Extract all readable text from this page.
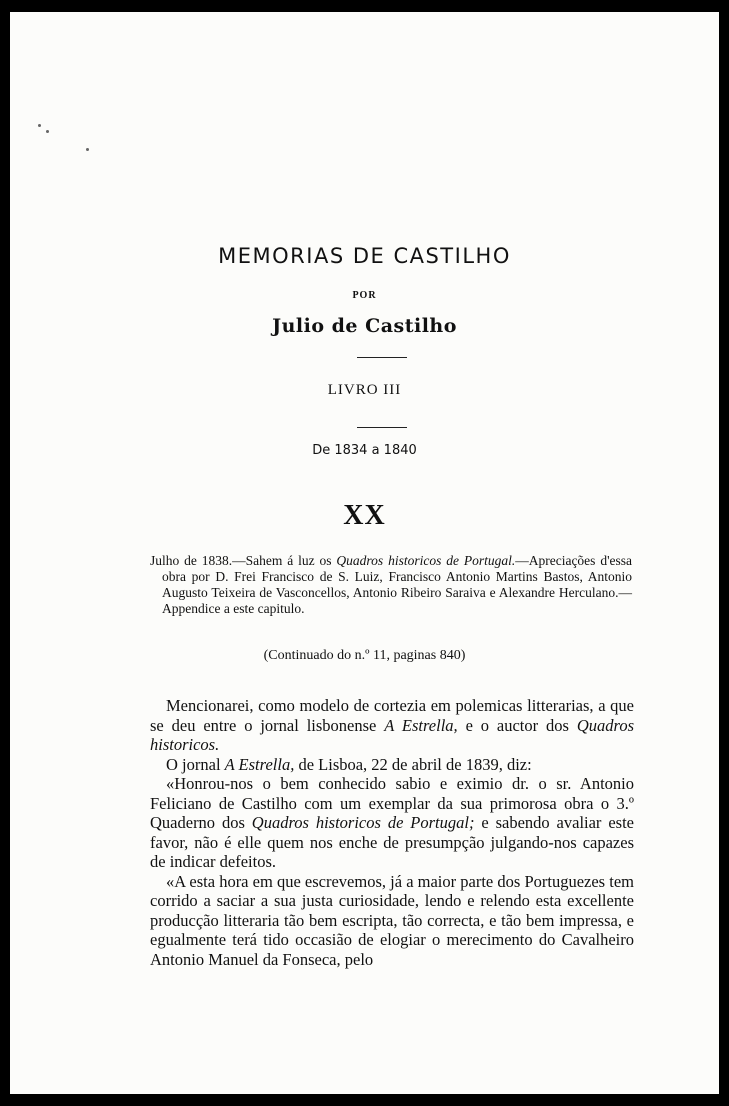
MEMORIAS DE CASTILHO
POR
Julio de Castilho
LIVRO III
De 1834 a 1840
XX

Julho de 1838.—Sahem á luz os Quadros historicos de Portugal.—Apreciações d'essa obra por D. Frei Francisco de S. Luiz, Francisco Antonio Martins Bastos, Antonio Augusto Teixeira de Vasconcellos, Antonio Ribeiro Saraiva e Alexandre Herculano.—Appendice a este capitulo.

(Continuado do n.º 11, paginas 840)

Mencionarei, como modelo de cortezia em polemicas litterarias, a que se deu entre o jornal lisbonense A Estrella, e o auctor dos Quadros historicos.

O jornal A Estrella, de Lisboa, 22 de abril de 1839, diz:

«Honrou-nos o bem conhecido sabio e eximio dr. o sr. Antonio Feliciano de Castilho com um exemplar da sua primorosa obra o 3.º Quaderno dos Quadros historicos de Portugal; e sabendo avaliar este favor, não é elle quem nos enche de presumpção julgando-nos capazes de indicar defeitos.

«A esta hora em que escrevemos, já a maior parte dos Portuguezes tem corrido a saciar a sua justa curiosidade, lendo e relendo esta excellente producção litteraria tão bem escripta, tão correcta, e tão bem impressa, e egualmente terá tido occasião de elogiar o merecimento do Cavalheiro Antonio Manuel da Fonseca, pelo
